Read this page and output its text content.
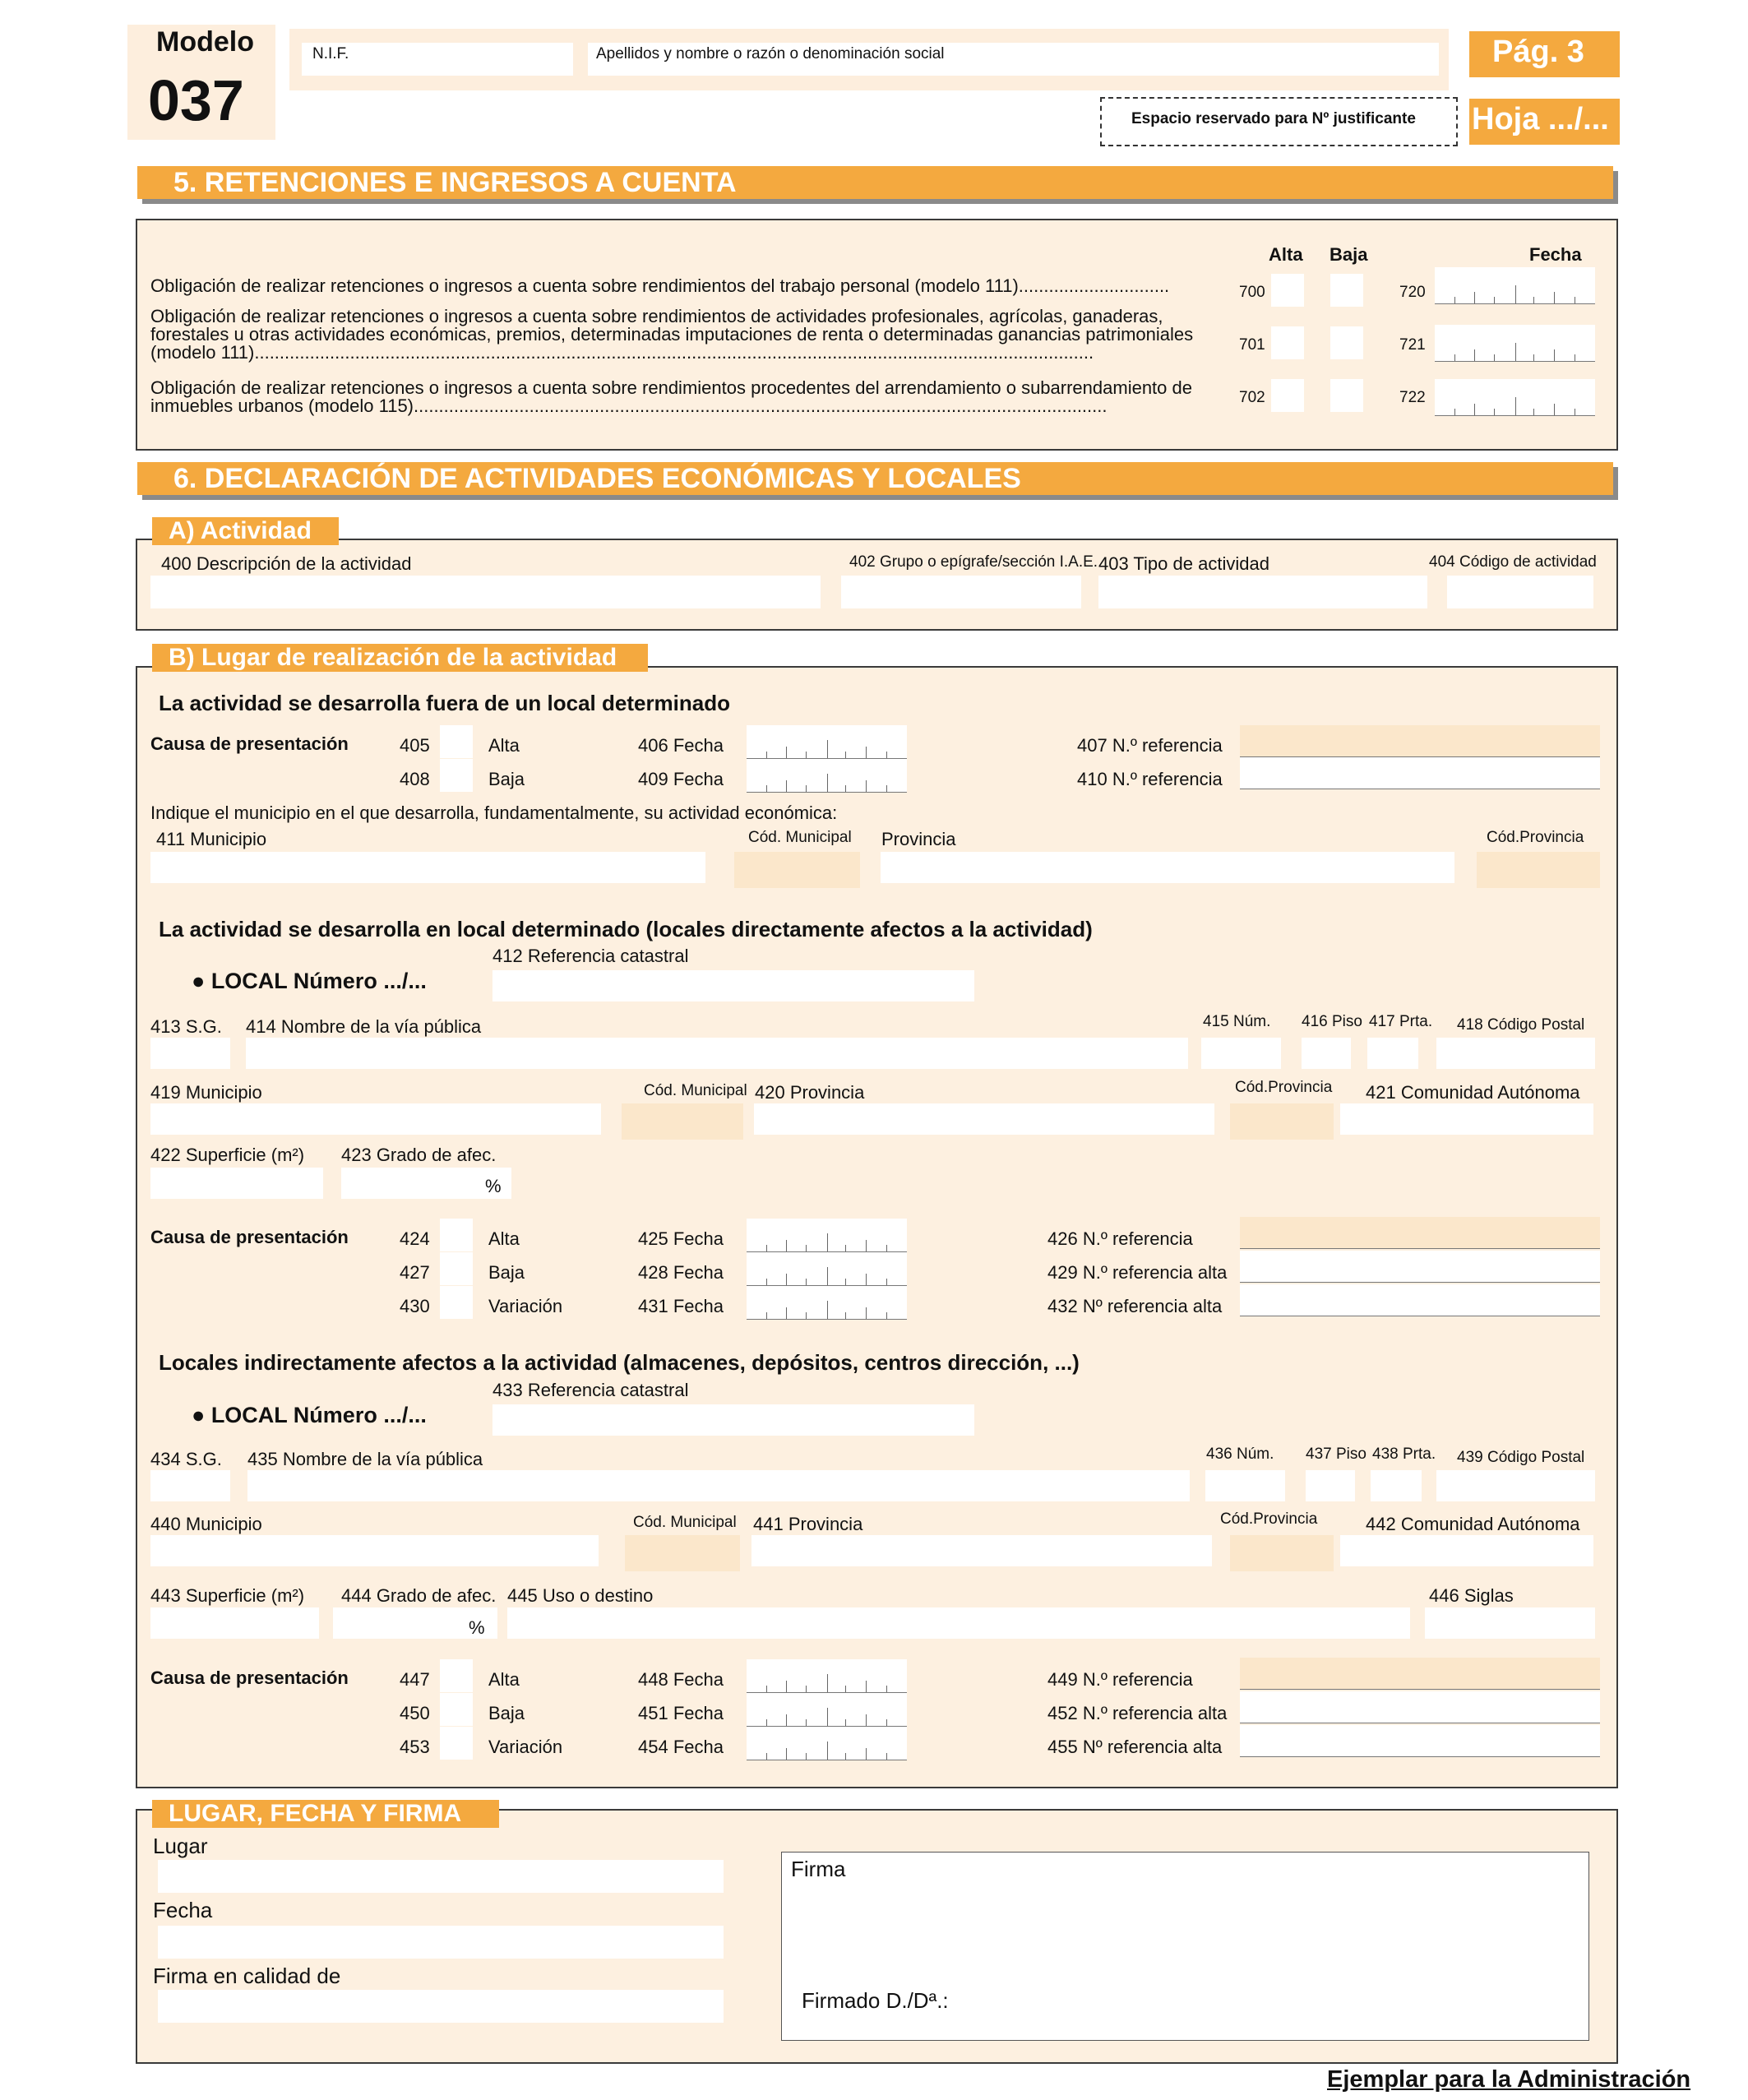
Modelo
037
N.I.F.	Apellidos y nombre o razón o denominación social	Pág. 3
Espacio reservado para Nº justificante Hoja .../...
5. RETENCIONES E INGRESOS A CUENTA
Alta Baja	Fecha
Obligación de realizar retenciones o ingresos a cuenta sobre rendimientos del trabajo personal (modelo 111)..............................	700	720
Obligación de realizar retenciones o ingresos a cuenta sobre rendimientos de actividades profesionales, agrícolas, ganaderas,
forestales u otras actividades económicas, premios, determinadas imputaciones de renta o determinadas ganancias patrimoniales
(modelo 111).......................................................................................................................................................................	701	721
Obligación de realizar retenciones o ingresos a cuenta sobre rendimientos procedentes del arrendamiento o subarrendamiento de
inmuebles urbanos (modelo 115)..........................................................................................................................................	702	722
6. DECLARACIÓN DE ACTIVIDADES ECONÓMICAS Y LOCALES
A) Actividad
400 Descripción de la actividad	402 Grupo o epígrafe/sección I.A.E. 403 Tipo de actividad	404 Código de actividad
B) Lugar de realización de la actividad
La actividad se desarrolla fuera de un local determinado
Causa de presentación	405	Alta	406 Fecha	407 N.º referencia
408	Baja	409 Fecha	410 N.º referencia
Indique el municipio en el que desarrolla, fundamentalmente, su actividad económica:
411 Municipio	Cód. Municipal Provincia	Cód.Provincia
La actividad se desarrolla en local determinado (locales directamente afectos a la actividad)
412 Referencia catastral
● LOCAL Número .../...
413 S.G. 414 Nombre de la vía pública	415 Núm. 416 Piso 417 Prta. 418 Código Postal
419 Municipio	Cód. Municipal 420 Provincia	Cód.Provincia 421 Comunidad Autónoma
422 Superficie (m²) 423 Grado de afec.
%
Causa de presentación	424	Alta	425 Fecha	426 N.º referencia
427	Baja	428 Fecha	429 N.º referencia alta
430	Variación	431 Fecha	432 Nº referencia alta
Locales indirectamente afectos a la actividad (almacenes, depósitos, centros dirección, ...)
433 Referencia catastral
● LOCAL Número .../...
434 S.G. 435 Nombre de la vía pública	436 Núm. 437 Piso 438 Prta. 439 Código Postal
440 Municipio	Cód. Municipal 441 Provincia	Cód.Provincia	442 Comunidad Autónoma
443 Superficie (m²) 444 Grado de afec.
%
445 Uso o destino	446 Siglas
Causa de presentación	447	Alta	448 Fecha	449 N.º referencia
450	Baja	451 Fecha	452 N.º referencia alta
453	Variación	454 Fecha	455 Nº referencia alta
LUGAR, FECHA Y FIRMA
Lugar
Fecha
Firma en calidad de
Firma
Firmado D./Dª.:
Ejemplar para la Administración
